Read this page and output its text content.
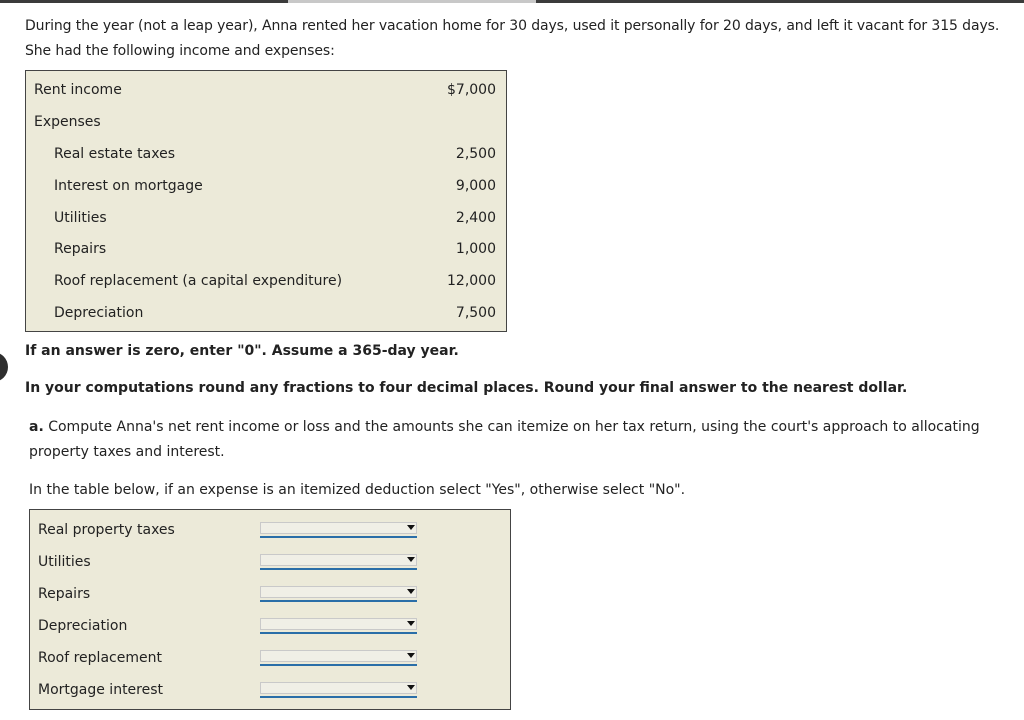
During the year (not a leap year), Anna rented her vacation home for 30 days, used it personally for 20 days, and left it vacant for 315 days. She had the following income and expenses:
Rent income	$7,000
Expenses
Real estate taxes	2,500
Interest on mortgage	9,000
Utilities	2,400
Repairs	1,000
Roof replacement (a capital expenditure)	12,000
Depreciation	7,500
If an answer is zero, enter "0". Assume a 365-day year.
In your computations round any fractions to four decimal places. Round your final answer to the nearest dollar.
a. Compute Anna's net rent income or loss and the amounts she can itemize on her tax return, using the court's approach to allocating property taxes and interest.
In the table below, if an expense is an itemized deduction select "Yes", otherwise select "No".
Real property taxes
Utilities
Repairs
Depreciation
Roof replacement
Mortgage interest
